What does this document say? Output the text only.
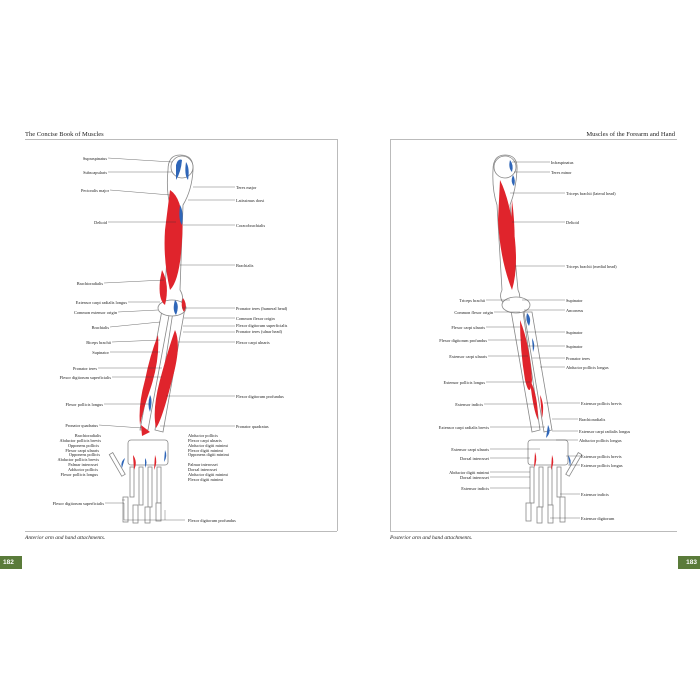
The Concise Book of Muscles	Muscles of the Forearm and Hand
Supraspinatus
Subscapularis
Pectoralis major
Deltoid
Brachioradialis
Extensor carpi radialis longus
Common extensor origin
Brachialis
Biceps brachii
Supinator
Pronator teres
Flexor digitorum superficialis
Flexor pollicis longus
Pronator quadratus
Brachioradialis
Abductor pollicis brevis
Opponens pollicis
Flexor carpi ulnaris
Opponens pollicis
Abductor pollicis brevis
Palmar interossei
Adductor pollicis
Flexor pollicis longus
Flexor digitorum superficialis
Teres major
Latissimus dorsi
Coracobrachialis
Brachialis
Pronator teres (humeral head)
Common flexor origin
Flexor digitorum superficialis
Pronator teres (ulnar head)
Flexor carpi ulnaris
Flexor digitorum profundus
Pronator quadratus
Abductor pollicis
Flexor carpi ulnaris
Abductor digiti minimi
Flexor digiti minimi
Opponens digiti minimi
Palmar interossei
Dorsal interossei
Abductor digiti minimi
Flexor digiti minimi
Flexor digitorum profundus
Triceps brachii
Common flexor origin
Flexor carpi ulnaris
Flexor digitorum profundus
Extensor carpi ulnaris
Extensor pollicis longus
Extensor indicis
Extensor carpi radialis brevis
Extensor carpi ulnaris
Dorsal interossei
Abductor digiti minimi
Dorsal interossei
Extensor indicis
Infraspinatus
Teres minor
Triceps brachii (lateral head)
Deltoid
Triceps brachii (medial head)
Supinator
Anconeus
Supinator
Supinator
Pronator teres
Abductor pollicis longus
Extensor pollicis brevis
Brachioradialis
Extensor carpi radialis longus
Abductor pollicis longus
Extensor pollicis brevis
Extensor pollicis longus
Extensor indicis
Extensor digitorum
Anterior arm and hand attachments.	Posterior arm and hand attachments.
182	183
